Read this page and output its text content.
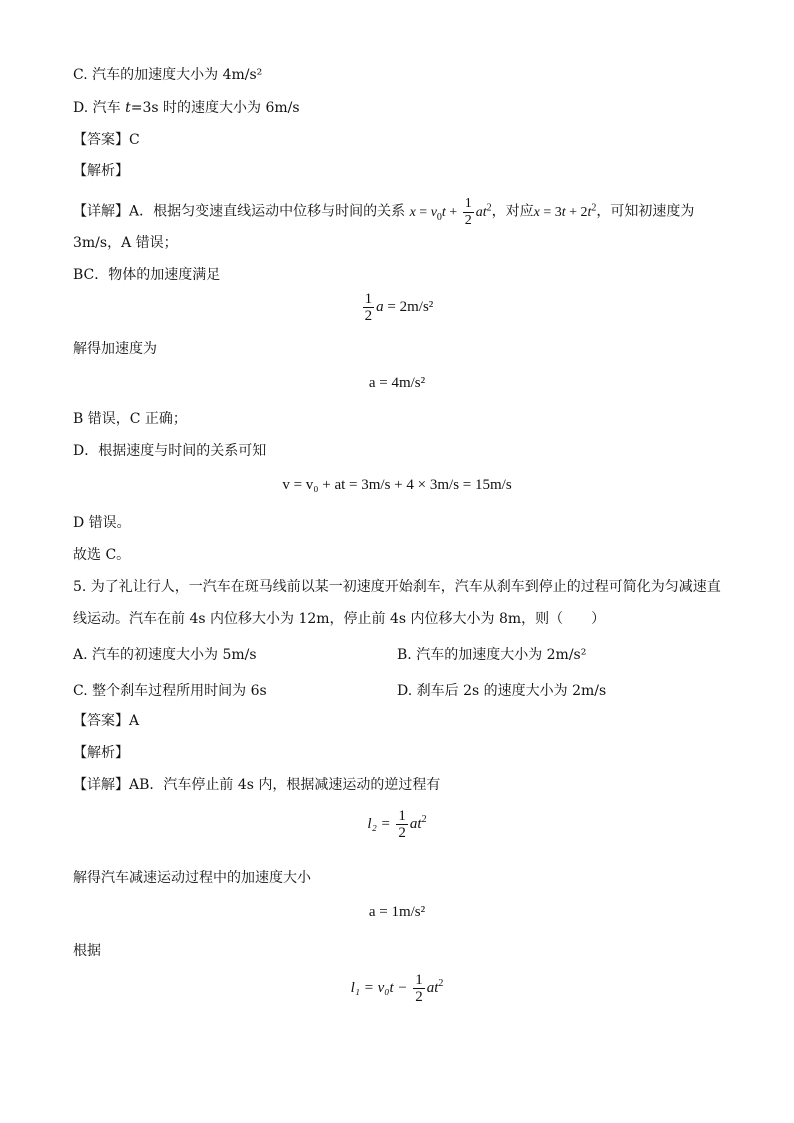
C. 汽车的加速度大小为 4m/s²
D. 汽车 t=3s 时的速度大小为 6m/s
【答案】C
【解析】
【详解】A．根据匀变速直线运动中位移与时间的关系 $x = v_0t + \frac{1}{2} at^2$，对应$x = 3t + 2t^2$，可知初速度为
3m/s，A 错误；
BC．物体的加速度满足
$\frac{1}{2}$ a = 2m/s²
解得加速度为
a = 4m/s²
B 错误，C 正确；
D．根据速度与时间的关系可知
v = v₀ + at = 3m/s + 4 × 3m/s = 15m/s
D 错误。
故选 C。
5. 为了礼让行人，一汽车在斑马线前以某一初速度开始刹车，汽车从刹车到停止的过程可简化为匀减速直
线运动。汽车在前 4s 内位移大小为 12m，停止前 4s 内位移大小为 8m，则（　　）
A. 汽车的初速度大小为 5m/s	B. 汽车的加速度大小为 2m/s²
C. 整个刹车过程所用时间为 6s	D. 刹车后 2s 的速度大小为 2m/s
【答案】A
【解析】
【详解】AB．汽车停止前 4s 内，根据减速运动的逆过程有
$l_2 = \frac{1}{2} at^2$
解得汽车减速运动过程中的加速度大小
a = 1m/s²
根据
$l_1 = v_0t - \frac{1}{2} at^2$
